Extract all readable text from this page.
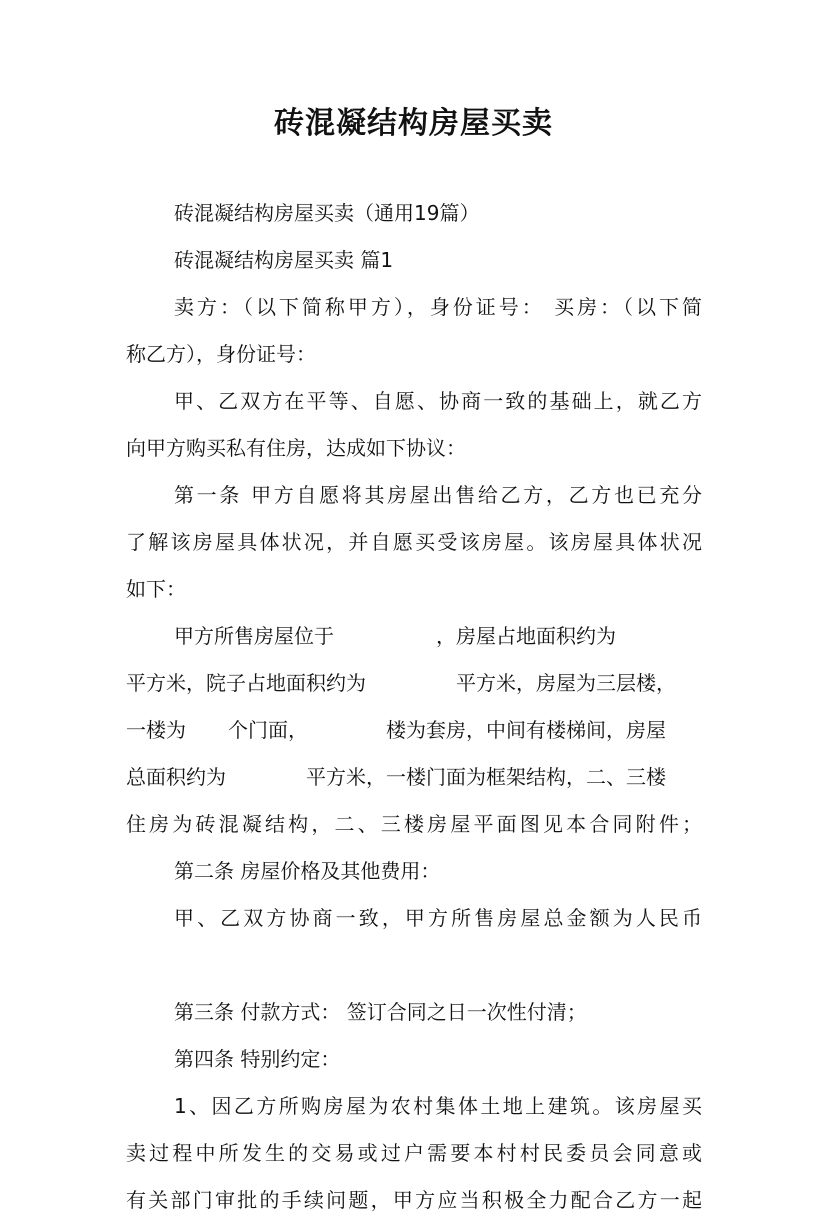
砖混凝结构房屋买卖
砖混凝结构房屋买卖（通用19篇）
砖混凝结构房屋买卖 篇1
卖方：（以下简称甲方），身份证号： 买房：（以下简
称乙方），身份证号：
甲、乙双方在平等、自愿、协商一致的基础上，就乙方
向甲方购买私有住房，达成如下协议：
第一条 甲方自愿将其房屋出售给乙方，乙方也已充分
了解该房屋具体状况，并自愿买受该房屋。该房屋具体状况
如下：
甲方所售房屋位于	，房屋占地面积约为
平方米，院子占地面积约为	平方米，房屋为三层楼，
一楼为 个门面，	楼为套房，中间有楼梯间，房屋
总面积约为	平方米，一楼门面为框架结构，二、三楼
住房为砖混凝结构，二、三楼房屋平面图见本合同附件；
第二条 房屋价格及其他费用：
甲、乙双方协商一致，甲方所售房屋总金额为人民币
第三条 付款方式： 签订合同之日一次性付清；
第四条 特别约定：
1、因乙方所购房屋为农村集体土地上建筑。该房屋买
卖过程中所发生的交易或过户需要本村村民委员会同意或
有关部门审批的手续问题，甲方应当积极全力配合乙方一起
